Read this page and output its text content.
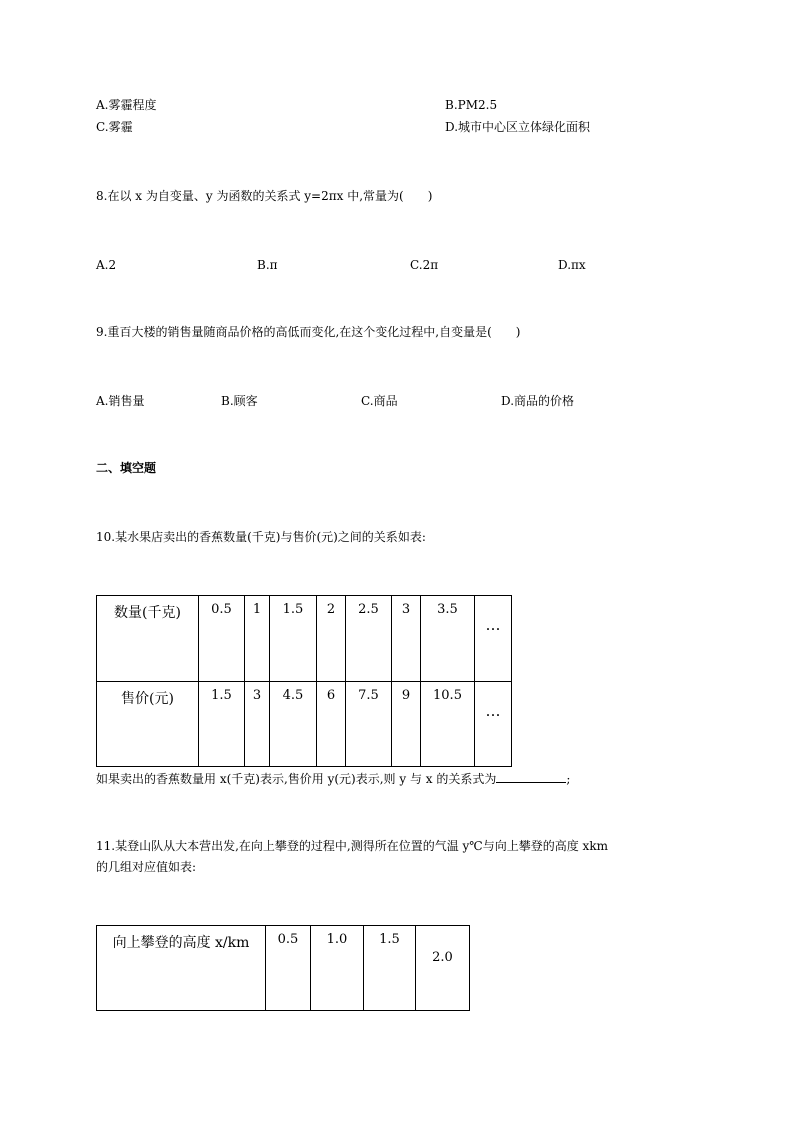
A.雾霾程度	B.PM2.5
C.雾霾	D.城市中心区立体绿化面积
8.在以 x 为自变量、y 为函数的关系式 y=2πx 中,常量为(　　)
A.2	B.π	C.2π	D.πx
9.重百大楼的销售量随商品价格的高低而变化,在这个变化过程中,自变量是(　　)
A.销售量	B.顾客	C.商品	D.商品的价格
二、填空题
10.某水果店卖出的香蕉数量(千克)与售价(元)之间的关系如表:
数量(千克)	0.5	1	1.5	2	2.5	3	3.5	…
售价(元)	1.5	3	4.5	6	7.5	9	10.5	…
如果卖出的香蕉数量用 x(千克)表示,售价用 y(元)表示,则 y 与 x 的关系式为	;
11.某登山队从大本营出发,在向上攀登的过程中,测得所在位置的气温 y℃与向上攀登的高度 xkm
的几组对应值如表:
向上攀登的高度 x/km	0.5	1.0	1.5	2.0
